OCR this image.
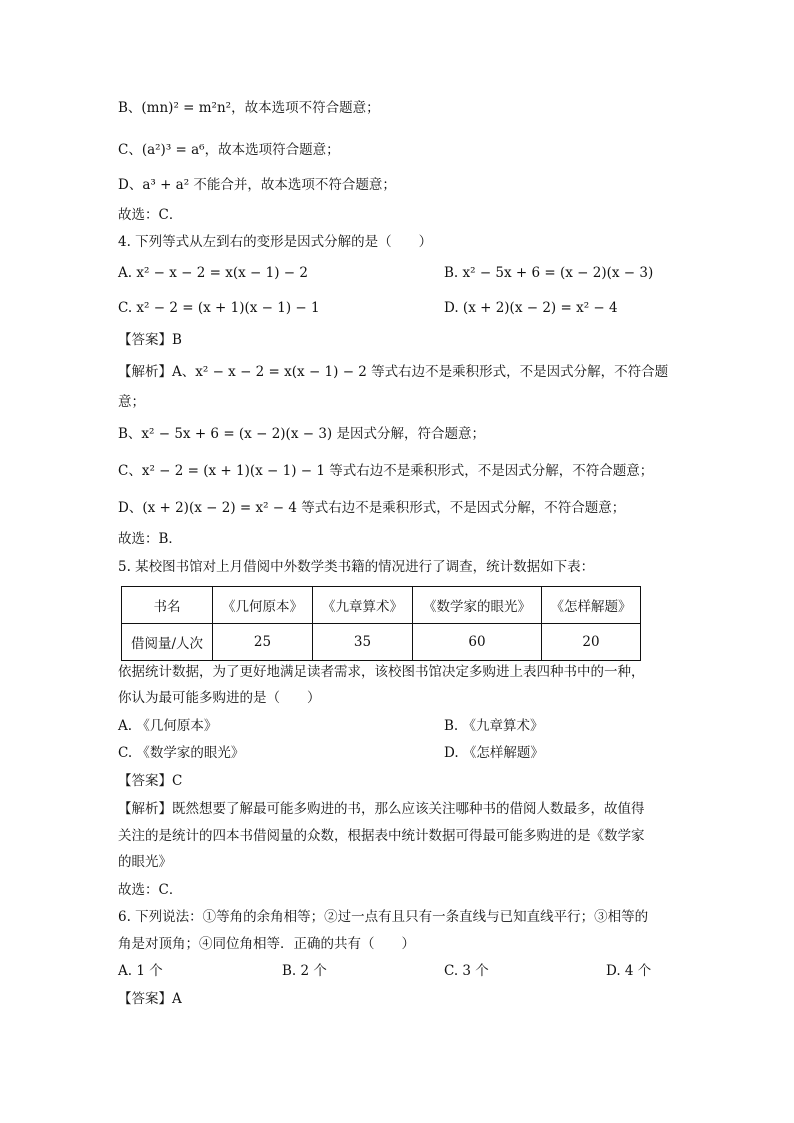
B、(mn)² = m²n²，故本选项不符合题意；
C、(a²)³ = a⁶，故本选项符合题意；
D、a³ + a² 不能合并，故本选项不符合题意；
故选：C．
4. 下列等式从左到右的变形是因式分解的是（　　）
A. x² − x − 2 = x(x − 1) − 2	B. x² − 5x + 6 = (x − 2)(x − 3)
C. x² − 2 = (x + 1)(x − 1) − 1	D. (x + 2)(x − 2) = x² − 4
【答案】B
【解析】A、x² − x − 2 = x(x − 1) − 2 等式右边不是乘积形式，不是因式分解，不符合题
意；
B、x² − 5x + 6 = (x − 2)(x − 3) 是因式分解，符合题意；
C、x² − 2 = (x + 1)(x − 1) − 1 等式右边不是乘积形式，不是因式分解，不符合题意；
D、(x + 2)(x − 2) = x² − 4 等式右边不是乘积形式，不是因式分解，不符合题意；
故选：B．
5. 某校图书馆对上月借阅中外数学类书籍的情况进行了调查，统计数据如下表：
书名	《几何原本》	《九章算术》	《数学家的眼光》	《怎样解题》
借阅量/人次	25	35	60	20
依据统计数据，为了更好地满足读者需求，该校图书馆决定多购进上表四种书中的一种，
你认为最可能多购进的是（　　）
A. 《几何原本》	B. 《九章算术》
C. 《数学家的眼光》	D. 《怎样解题》
【答案】C
【解析】既然想要了解最可能多购进的书，那么应该关注哪种书的借阅人数最多，故值得
关注的是统计的四本书借阅量的众数，根据表中统计数据可得最可能多购进的是《数学家
的眼光》
故选：C．
6. 下列说法：①等角的余角相等；②过一点有且只有一条直线与已知直线平行；③相等的
角是对顶角；④同位角相等．正确的共有（　　）
A. 1 个	B. 2 个	C. 3 个	D. 4 个
【答案】A
